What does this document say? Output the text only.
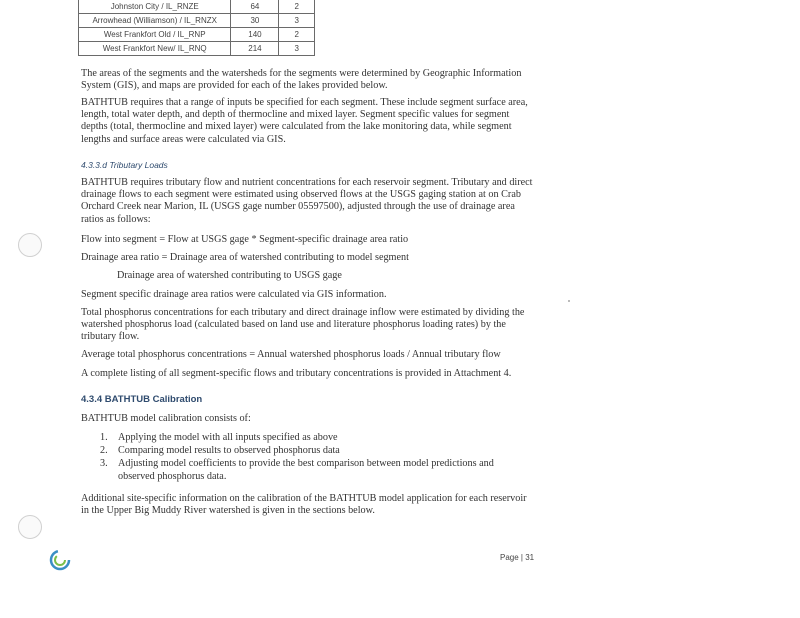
Johnston City / IL_RNZE	64	2
Arrowhead (Williamson) / IL_RNZX	30	3
West Frankfort Old / IL_RNP	140	2
West Frankfort New/ IL_RNQ	214	3

The areas of the segments and the watersheds for the segments were determined by Geographic Information System (GIS), and maps are provided for each of the lakes provided below.

BATHTUB requires that a range of inputs be specified for each segment. These include segment surface area, length, total water depth, and depth of thermocline and mixed layer. Segment specific values for segment depths (total, thermocline and mixed layer) were calculated from the lake monitoring data, while segment lengths and surface areas were calculated via GIS.

4.3.3.d Tributary Loads

BATHTUB requires tributary flow and nutrient concentrations for each reservoir segment. Tributary and direct drainage flows to each segment were estimated using observed flows at the USGS gaging station at on Crab Orchard Creek near Marion, IL (USGS gage number 05597500), adjusted through the use of drainage area ratios as follows:

Flow into segment = Flow at USGS gage * Segment-specific drainage area ratio

Drainage area ratio = Drainage area of watershed contributing to model segment

Drainage area of watershed contributing to USGS gage

Segment specific drainage area ratios were calculated via GIS information.

Total phosphorus concentrations for each tributary and direct drainage inflow were estimated by dividing the watershed phosphorus load (calculated based on land use and literature phosphorus loading rates) by the tributary flow.

Average total phosphorus concentrations = Annual watershed phosphorus loads / Annual tributary flow

A complete listing of all segment-specific flows and tributary concentrations is provided in Attachment 4.

4.3.4 BATHTUB Calibration

BATHTUB model calibration consists of:

1. Applying the model with all inputs specified as above
2. Comparing model results to observed phosphorus data
3. Adjusting model coefficients to provide the best comparison between model predictions and observed phosphorus data.

Additional site-specific information on the calibration of the BATHTUB model application for each reservoir in the Upper Big Muddy River watershed is given in the sections below.

Page | 31
